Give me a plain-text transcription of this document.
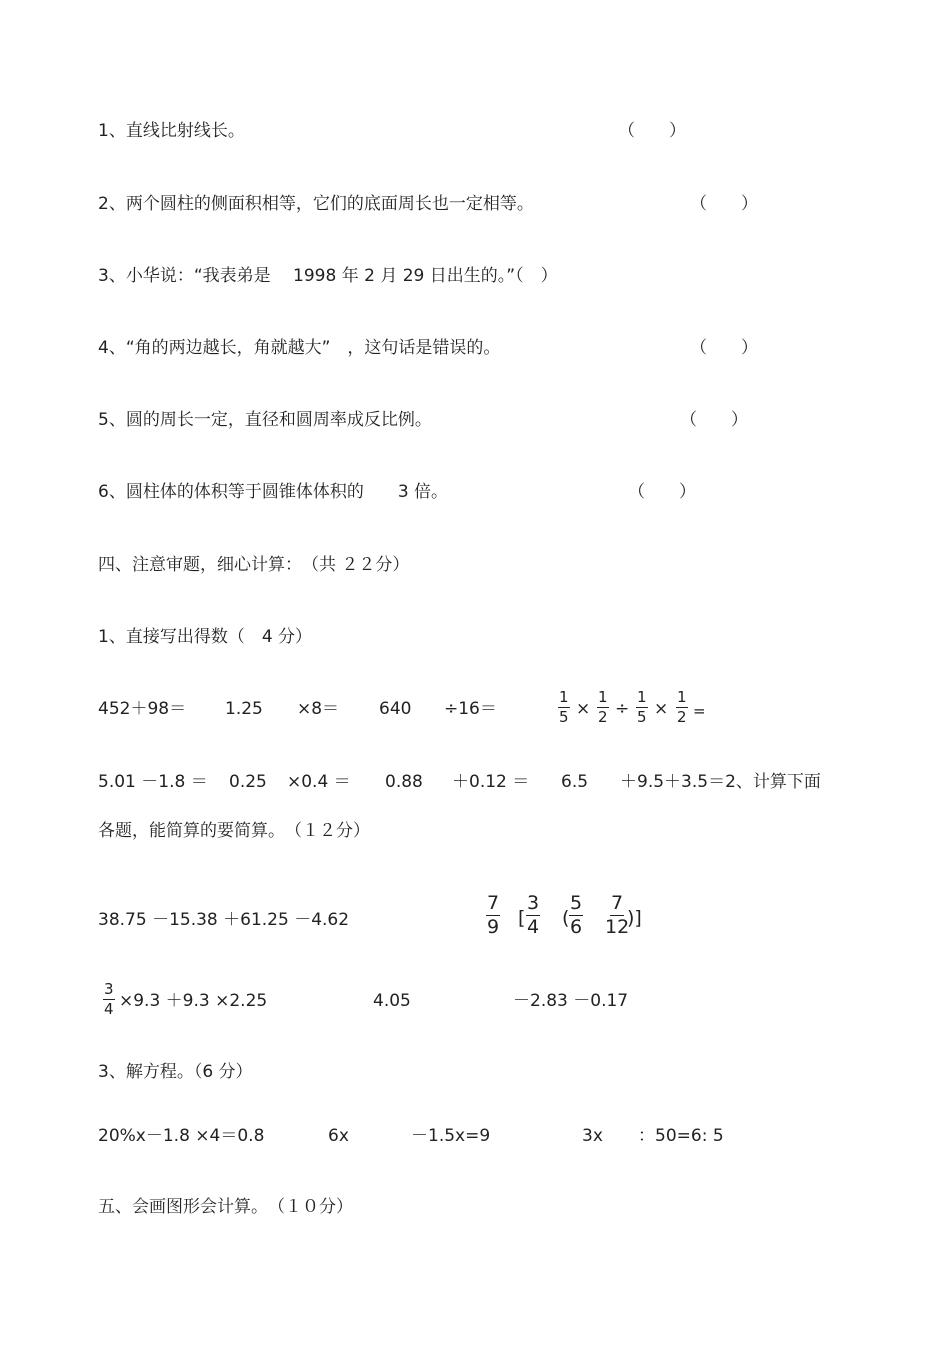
1、直线比射线长。	（　　）
2、两个圆柱的侧面积相等，它们的底面周长也一定相等。	（　　）
3、小华说：“我表弟是　 1998 年 2 月 29 日出生的。”（　）
4、“角的两边越长，角就越大”　，这句话是错误的。	（　　）
5、圆的周长一定，直径和圆周率成反比例。	（　　）
6、圆柱体的体积等于圆锥体体积的　　3 倍。	（　　）
四、注意审题，细心计算：　（共 ２２分）
1、直接写出得数（　4 分）
452＋98＝ 1.25 ×8＝ 640 ÷16＝	$\frac{1}{5} \times \frac{1}{2} \div \frac{1}{5} \times \frac{1}{2}$ =
5.01 －1.8 ＝ 0.25 ×0.4 ＝ 0.88 ＋0.12 ＝ 6.5 ＋9.5＋3.5＝2、计算下面
各题，能简算的要简算。　（１２分）
38.75 －15.38 ＋61.25 －4.62	$\frac{7}{9}$ [ $\frac{3}{4}$ ( $\frac{5}{6} \frac{7}{12}$
)]
$\frac{3}{4} \times 9.3 +9.3 \times 2.25$	4.05	－2.83 －0.17
3、解方程。（6 分）
20%x－1.8 ×4＝0.8	6x	－1.5x=9	3x ：50=6: 5
五、会画图形会计算。　（１０分）
